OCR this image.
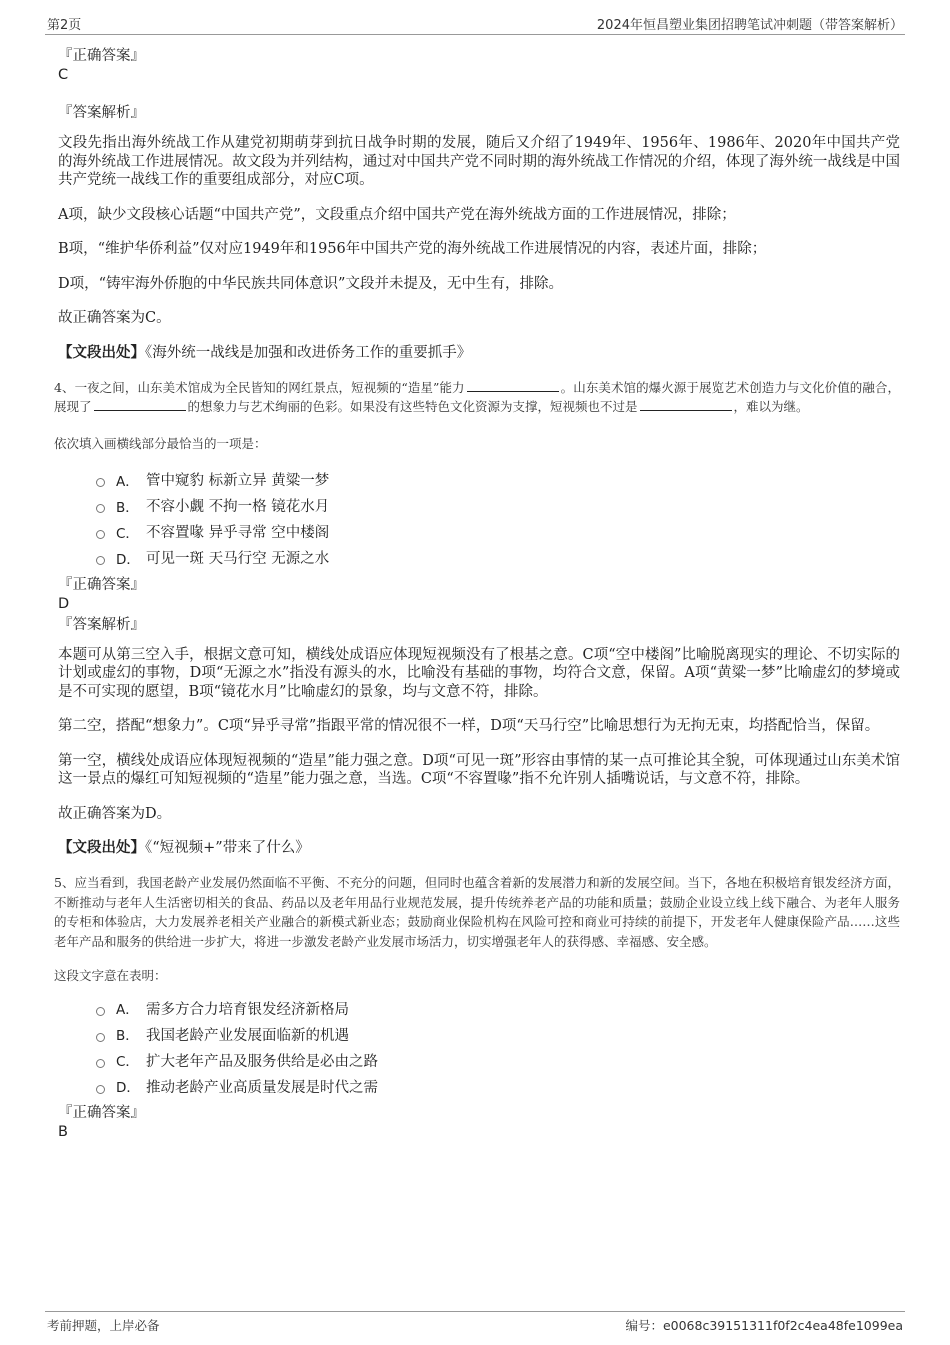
第2页	2024年恒昌塑业集团招聘笔试冲刺题（带答案解析）
『正确答案』
C
『答案解析』

文段先指出海外统战工作从建党初期萌芽到抗日战争时期的发展，随后又介绍了1949年、1956年、1986年、2020年中国共产党的海外统战工作进展情况。故文段为并列结构，通过对中国共产党不同时期的海外统战工作情况的介绍，体现了海外统一战线是中国共产党统一战线工作的重要组成部分，对应C项。

A项，缺少文段核心话题“中国共产党”，文段重点介绍中国共产党在海外统战方面的工作进展情况，排除；

B项，“维护华侨利益”仅对应1949年和1956年中国共产党的海外统战工作进展情况的内容，表述片面，排除；

D项，“铸牢海外侨胞的中华民族共同体意识”文段并未提及，无中生有，排除。

故正确答案为C。

【文段出处】《海外统一战线是加强和改进侨务工作的重要抓手》

4、一夜之间，山东美术馆成为全民皆知的网红景点，短视频的“造星”能力	。山东美术馆的爆火源于展览艺术创造力与文化价值的融合，展现了	的想象力与艺术绚丽的色彩。如果没有这些特色文化资源为支撑，短视频也不过是	，难以为继。

依次填入画横线部分最恰当的一项是：

A． 管中窥豹 标新立异 黄粱一梦
B． 不容小觑 不拘一格 镜花水月
C． 不容置喙 异乎寻常 空中楼阁
D． 可见一斑 天马行空 无源之水
『正确答案』
D
『答案解析』

本题可从第三空入手，根据文意可知，横线处成语应体现短视频没有了根基之意。C项“空中楼阁”比喻脱离现实的理论、不切实际的计划或虚幻的事物，D项“无源之水”指没有源头的水，比喻没有基础的事物，均符合文意，保留。A项“黄粱一梦”比喻虚幻的梦境或是不可实现的愿望，B项“镜花水月”比喻虚幻的景象，均与文意不符，排除。

第二空，搭配“想象力”。C项“异乎寻常”指跟平常的情况很不一样，D项“天马行空”比喻思想行为无拘无束，均搭配恰当，保留。

第一空，横线处成语应体现短视频的“造星”能力强之意。D项“可见一斑”形容由事情的某一点可推论其全貌，可体现通过山东美术馆这一景点的爆红可知短视频的“造星”能力强之意，当选。C项“不容置喙”指不允许别人插嘴说话，与文意不符，排除。

故正确答案为D。

【文段出处】《“短视频+”带来了什么》

5、应当看到，我国老龄产业发展仍然面临不平衡、不充分的问题，但同时也蕴含着新的发展潜力和新的发展空间。当下，各地在积极培育银发经济方面，不断推动与老年人生活密切相关的食品、药品以及老年用品行业规范发展，提升传统养老产品的功能和质量；鼓励企业设立线上线下融合、为老年人服务的专柜和体验店，大力发展养老相关产业融合的新模式新业态；鼓励商业保险机构在风险可控和商业可持续的前提下，开发老年人健康保险产品……这些老年产品和服务的供给进一步扩大，将进一步激发老龄产业发展市场活力，切实增强老年人的获得感、幸福感、安全感。

这段文字意在表明：

A． 需多方合力培育银发经济新格局
B． 我国老龄产业发展面临新的机遇
C． 扩大老年产品及服务供给是必由之路
D． 推动老龄产业高质量发展是时代之需
『正确答案』
B
考前押题，上岸必备	编号：e0068c39151311f0f2c4ea48fe1099ea
